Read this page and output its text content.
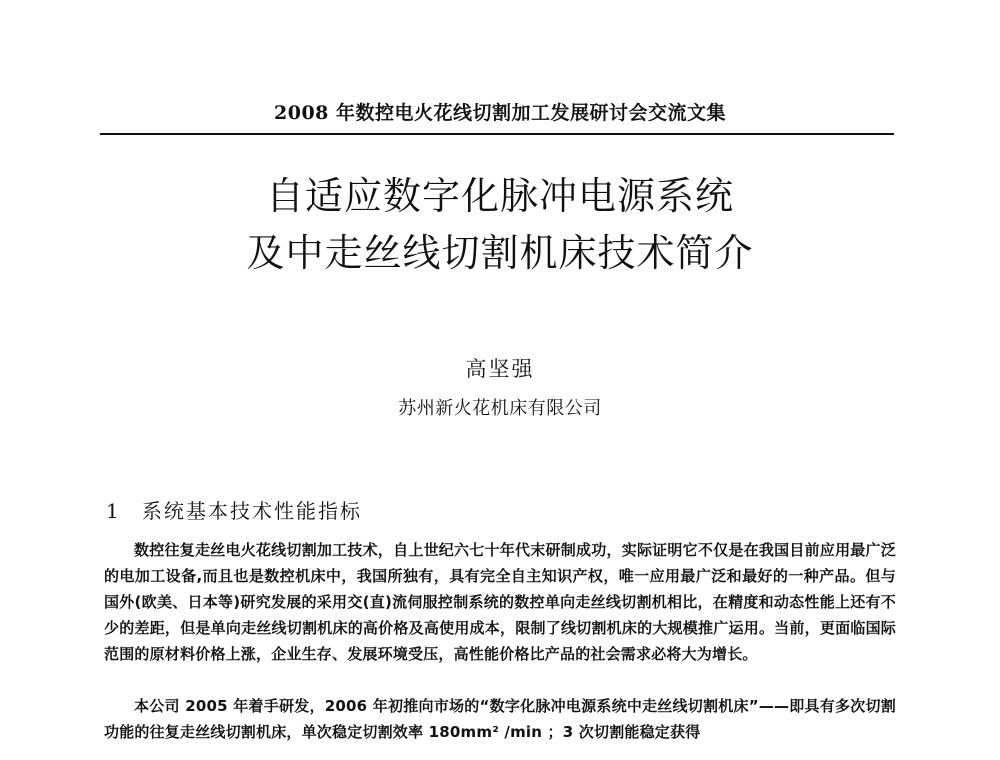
2008 年数控电火花线切割加工发展研讨会交流文集
自适应数字化脉冲电源系统
及中走丝线切割机床技术简介
高坚强
苏州新火花机床有限公司
1 系统基本技术性能指标
数控往复走丝电火花线切割加工技术，自上世纪六七十年代末研制成功，实际证明它不仅是在我国目前应用最广泛的电加工设备,而且也是数控机床中，我国所独有，具有完全自主知识产权，唯一应用最广泛和最好的一种产品。但与国外(欧美、日本等)研究发展的采用交(直)流伺服控制系统的数控单向走丝线切割机相比，在精度和动态性能上还有不少的差距，但是单向走丝线切割机床的高价格及高使用成本，限制了线切割机床的大规模推广运用。当前，更面临国际范围的原材料价格上涨，企业生存、发展环境受压，高性能价格比产品的社会需求必将大为增长。
本公司 2005 年着手研发，2006 年初推向市场的“数字化脉冲电源系统中走丝线切割机床”——即具有多次切割功能的往复走丝线切割机床，单次稳定切割效率 180mm² /min ；3 次切割能稳定获得
